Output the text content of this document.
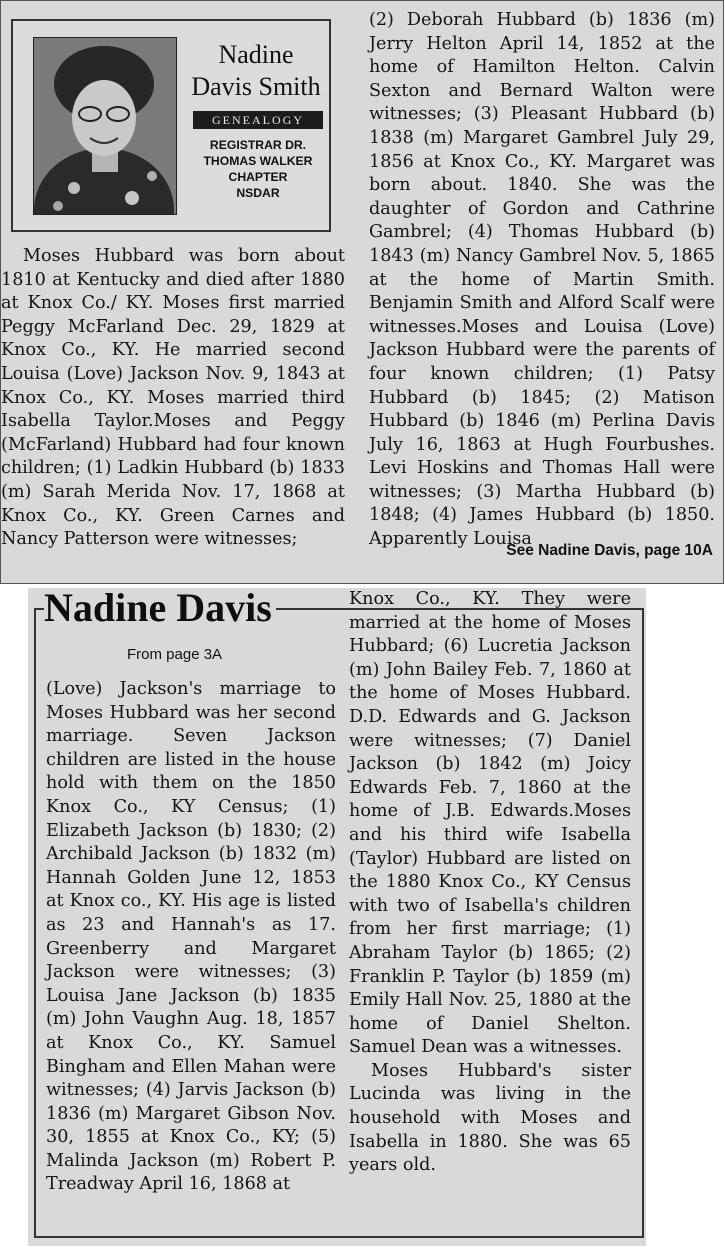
Nadine Davis Smith
GENEALOGY
REGISTRAR DR.
THOMAS WALKER
CHAPTER
NSDAR

Moses Hubbard was born about 1810 at Kentucky and died after 1880 at Knox Co./ KY. Moses first married Peggy McFarland Dec. 29, 1829 at Knox Co., KY. He married second Louisa (Love) Jackson Nov. 9, 1843 at Knox Co., KY. Moses married third Isabella Taylor.Moses and Peggy (McFarland) Hubbard had four known children; (1) Ladkin Hubbard (b) 1833 (m) Sarah Merida Nov. 17, 1868 at Knox Co., KY. Green Carnes and Nancy Patterson were witnesses;

(2) Deborah Hubbard (b) 1836 (m) Jerry Helton April 14, 1852 at the home of Hamilton Helton. Calvin Sexton and Bernard Walton were witnesses; (3) Pleasant Hubbard (b) 1838 (m) Margaret Gambrel July 29, 1856 at Knox Co., KY. Margaret was born about. 1840. She was the daughter of Gordon and Cathrine Gambrel; (4) Thomas Hubbard (b) 1843 (m) Nancy Gambrel Nov. 5, 1865 at the home of Martin Smith. Benjamin Smith and Alford Scalf were witnesses.Moses and Louisa (Love) Jackson Hubbard were the parents of four known children; (1) Patsy Hubbard (b) 1845; (2) Matison Hubbard (b) 1846 (m) Perlina Davis July 16, 1863 at Hugh Fourbushes. Levi Hoskins and Thomas Hall were witnesses; (3) Martha Hubbard (b) 1848; (4) James Hubbard (b) 1850. Apparently Louisa

See Nadine Davis, page 10A
Nadine Davis
From page 3A

(Love) Jackson's marriage to Moses Hubbard was her second marriage. Seven Jackson children are listed in the house hold with them on the 1850 Knox Co., KY Census; (1) Elizabeth Jackson (b) 1830; (2) Archibald Jackson (b) 1832 (m) Hannah Golden June 12, 1853 at Knox co., KY. His age is listed as 23 and Hannah's as 17. Greenberry and Margaret Jackson were witnesses; (3) Louisa Jane Jackson (b) 1835 (m) John Vaughn Aug. 18, 1857 at Knox Co., KY. Samuel Bingham and Ellen Mahan were witnesses; (4) Jarvis Jackson (b) 1836 (m) Margaret Gibson Nov. 30, 1855 at Knox Co., KY; (5) Malinda Jackson (m) Robert P. Treadway April 16, 1868 at

Knox Co., KY. They were married at the home of Moses Hubbard; (6) Lucretia Jackson (m) John Bailey Feb. 7, 1860 at the home of Moses Hubbard. D.D. Edwards and G. Jackson were witnesses; (7) Daniel Jackson (b) 1842 (m) Joicy Edwards Feb. 7, 1860 at the home of J.B. Edwards.Moses and his third wife Isabella (Taylor) Hubbard are listed on the 1880 Knox Co., KY Census with two of Isabella's children from her first marriage; (1) Abraham Taylor (b) 1865; (2) Franklin P. Taylor (b) 1859 (m) Emily Hall Nov. 25, 1880 at the home of Daniel Shelton. Samuel Dean was a witnesses.

Moses Hubbard's sister Lucinda was living in the household with Moses and Isabella in 1880. She was 65 years old.
